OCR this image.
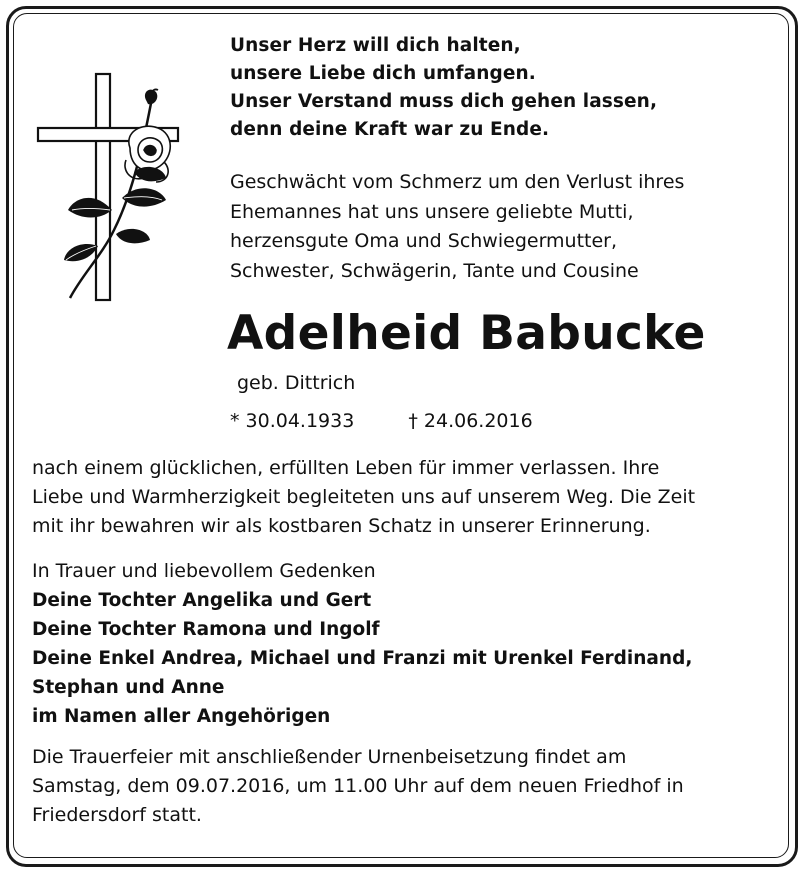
Unser Herz will dich halten,
unsere Liebe dich umfangen.
Unser Verstand muss dich gehen lassen,
denn deine Kraft war zu Ende.
Geschwächt vom Schmerz um den Verlust ihres
Ehemannes hat uns unsere geliebte Mutti,
herzensgute Oma und Schwiegermutter,
Schwester, Schwägerin, Tante und Cousine
Adelheid Babucke
geb. Dittrich
* 30.04.1933	† 24.06.2016
nach einem glücklichen, erfüllten Leben für immer verlassen. Ihre
Liebe und Warmherzigkeit begleiteten uns auf unserem Weg. Die Zeit
mit ihr bewahren wir als kostbaren Schatz in unserer Erinnerung.
In Trauer und liebevollem Gedenken
Deine Tochter Angelika und Gert
Deine Tochter Ramona und Ingolf
Deine Enkel Andrea, Michael und Franzi mit Urenkel Ferdinand,
Stephan und Anne
im Namen aller Angehörigen
Die Trauerfeier mit anschließender Urnenbeisetzung findet am
Samstag, dem 09.07.2016, um 11.00 Uhr auf dem neuen Friedhof in
Friedersdorf statt.
